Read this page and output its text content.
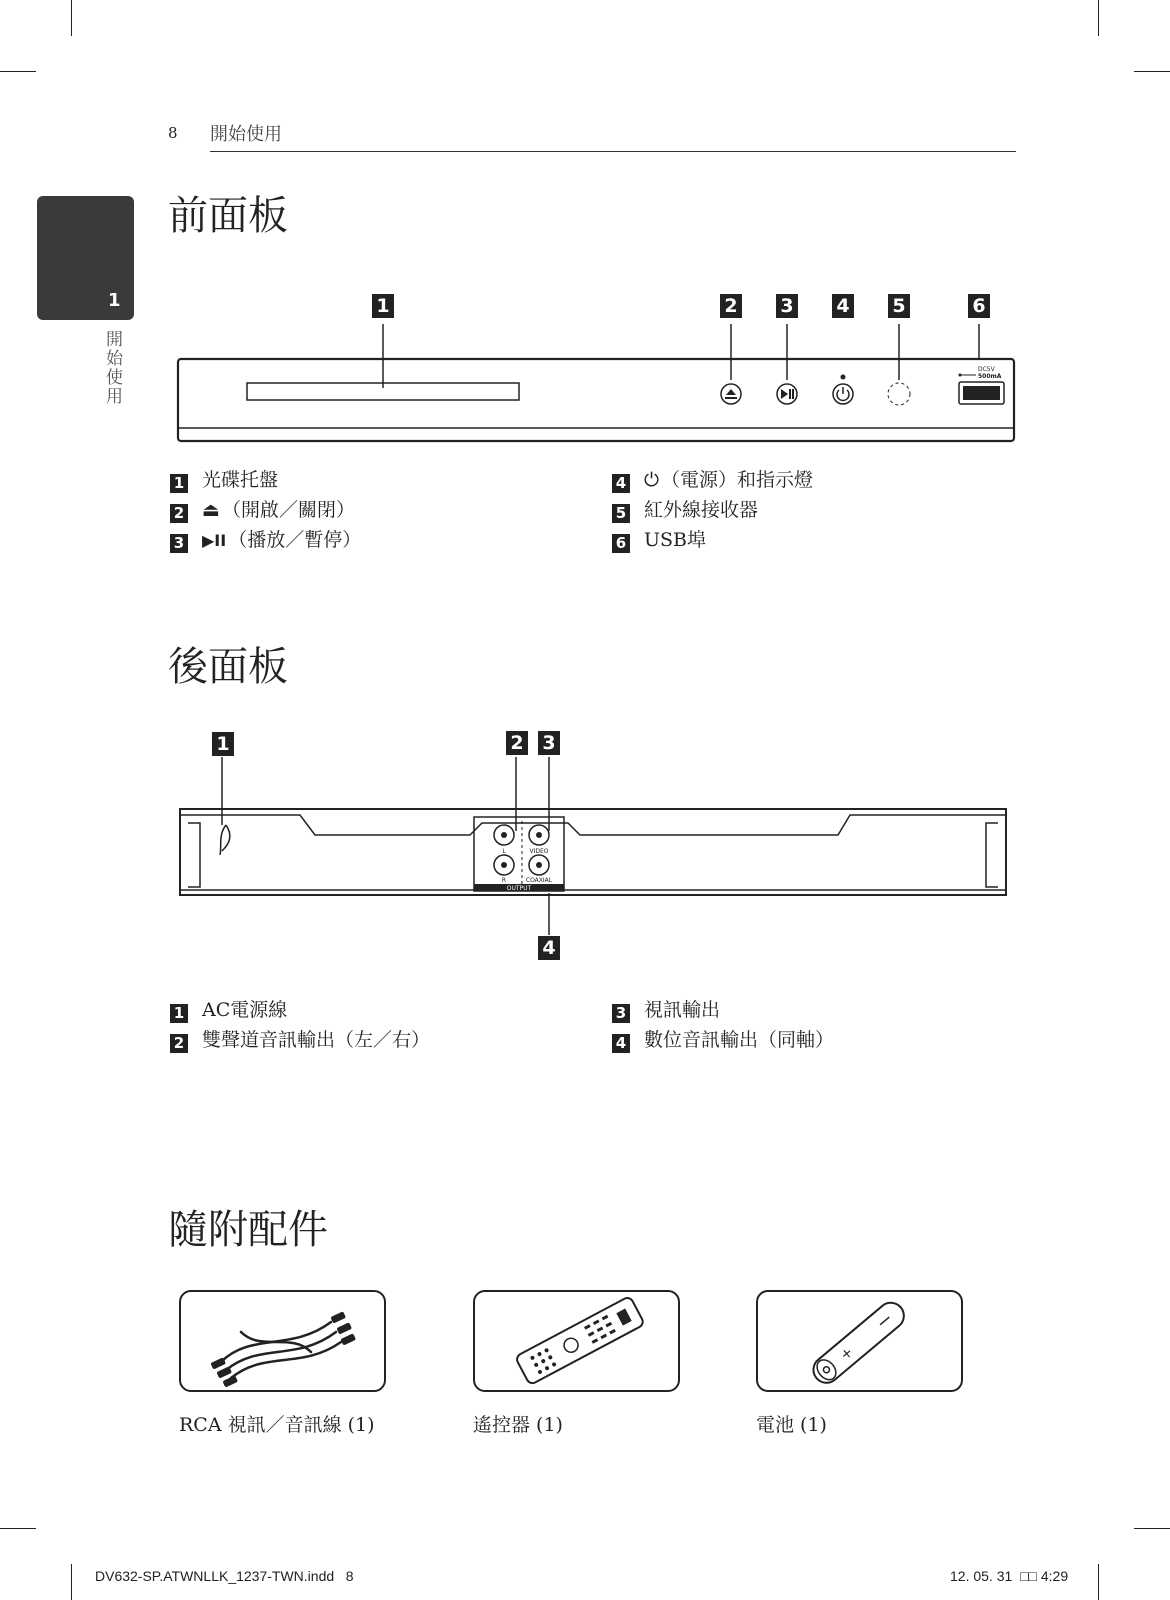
8 開始使用
1
開始使用
前面板
1	2 3 4 5	6
DC5V
500mA
1 光碟托盤
2 ⏏ （開啟／關閉）
3 ▶II （播放／暫停）
4 ⏻ （電源）和指示燈
5 紅外線接收器
6 USB埠
後面板
1	2 3
4
L
R
VIDEO
COAXIAL
OUTPUT
1 AC電源線
2 雙聲道音訊輸出（左／右）
3 視訊輸出
4 數位音訊輸出（同軸）
隨附配件
+
RCA 視訊／音訊線 (1)	遙控器 (1)	電池 (1)
DV632-SP.ATWNLLK_1237-TWN.indd   8	12. 05. 31 □□ 4:29
